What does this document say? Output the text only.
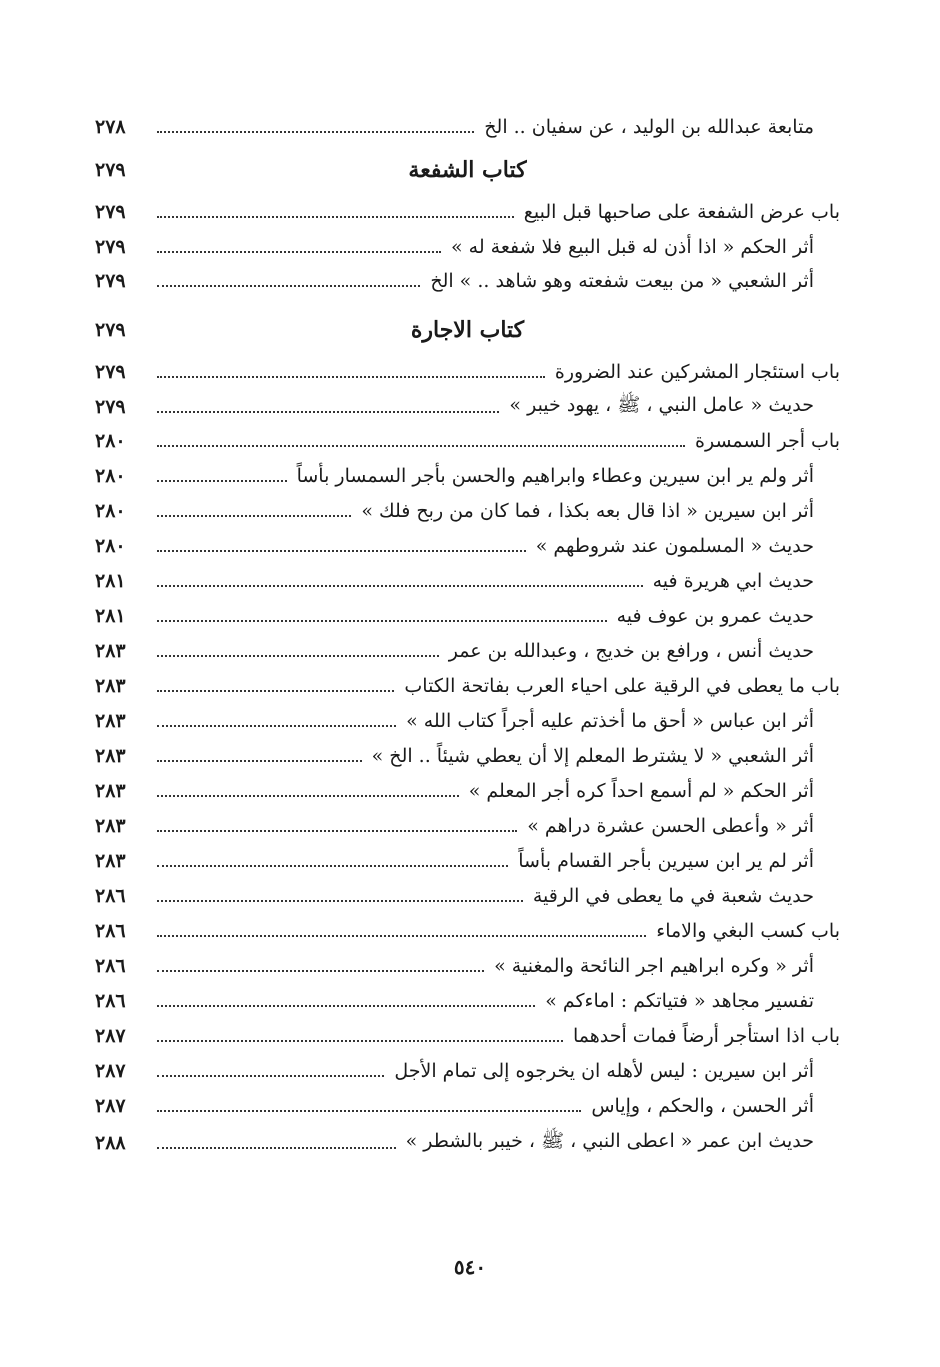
متابعة عبدالله بن الوليد ، عن سفيان .. الخ
٢٧٨
كتاب الشفعة
٢٧٩
باب عرض الشفعة على صاحبها قبل البيع
٢٧٩
أثر الحكم « اذا أذن له قبل البيع فلا شفعة له »
٢٧٩
أثر الشعبي « من بيعت شفعته وهو شاهد .. » الخ
٢٧٩
كتاب الاجارة
٢٧٩
باب استئجار المشركين عند الضرورة
٢٧٩
حديث « عامل النبي ، ﷺ ، يهود خيبر »
٢٧٩
باب أجر السمسرة
٢٨٠
أثر ولم ير ابن سيرين وعطاء وابراهيم والحسن بأجر السمسار بأساً
٢٨٠
أثر ابن سيرين « اذا قال بعه بكذا ، فما كان من ربح فلك »
٢٨٠
حديث « المسلمون عند شروطهم »
٢٨٠
حديث ابي هريرة فيه
٢٨١
حديث عمرو بن عوف فيه
٢٨١
حديث أنس ، ورافع بن خديج ، وعبدالله بن عمر
٢٨٣
باب ما يعطى في الرقية على احياء العرب بفاتحة الكتاب
٢٨٣
أثر ابن عباس « أحق ما أخذتم عليه أجراً كتاب الله »
٢٨٣
أثر الشعبي « لا يشترط المعلم إلا أن يعطي شيئاً .. الخ »
٢٨٣
أثر الحكم « لم أسمع احداً كره أجر المعلم »
٢٨٣
أثر « وأعطى الحسن عشرة دراهم »
٢٨٣
أثر لم ير ابن سيرين بأجر القسام بأساً
٢٨٣
حديث شعبة في ما يعطى في الرقية
٢٨٦
باب كسب البغي والاماء
٢٨٦
أثر « وكره ابراهيم اجر النائحة والمغنية »
٢٨٦
تفسير مجاهد « فتياتكم : اماءكم »
٢٨٦
باب اذا استأجر أرضاً فمات أحدهما
٢٨٧
أثر ابن سيرين : ليس لأهله ان يخرجوه إلى تمام الأجل
٢٨٧
أثر الحسن ، والحكم ، وإياس
٢٨٧
حديث ابن عمر « اعطى النبي ، ﷺ ، خيبر بالشطر »
٢٨٨
٥٤٠
